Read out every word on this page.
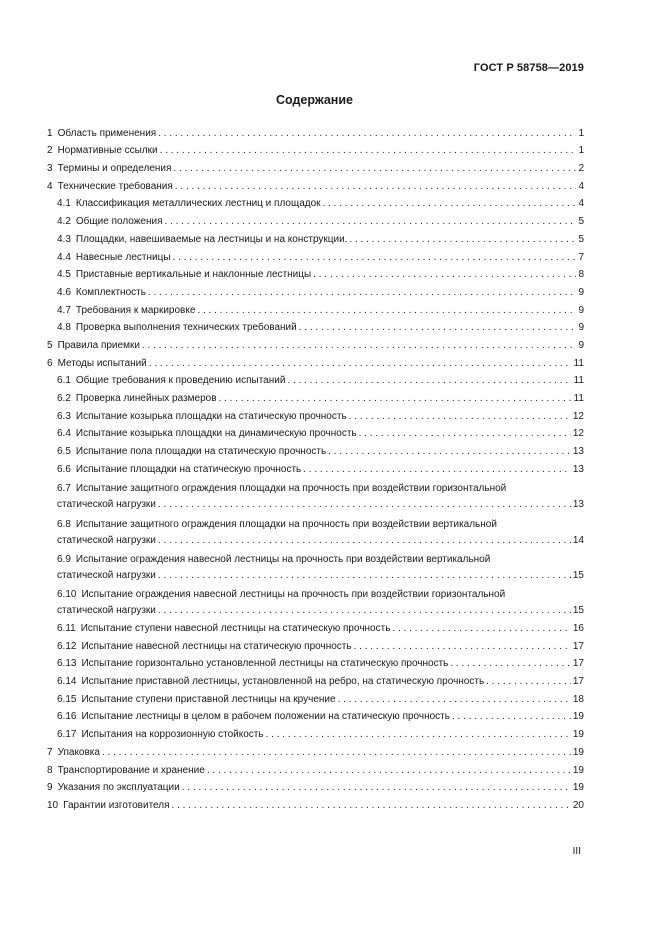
ГОСТ Р 58758—2019
Содержание
1 Область применения . . .	1
2 Нормативные ссылки . . .	1
3 Термины и определения . . .	2
4 Технические требования . . .	4
4.1 Классификация металлических лестниц и площадок . . .	4
4.2 Общие положения . . .	5
4.3 Площадки, навешиваемые на лестницы и на конструкции. . . .	5
4.4 Навесные лестницы . . .	7
4.5 Приставные вертикальные и наклонные лестницы . . .	8
4.6 Комплектность . . .	9
4.7 Требования к маркировке . . .	9
4.8 Проверка выполнения технических требований . . .	9
5 Правила приемки . . .	9
6 Методы испытаний . . .	11
6.1 Общие требования к проведению испытаний . . .	11
6.2 Проверка линейных размеров . . .	11
6.3 Испытание козырька площадки на статическую прочность . . .	12
6.4 Испытание козырька площадки на динамическую прочность . . .	12
6.5 Испытание пола площадки на статическую прочность . . .	13
6.6 Испытание площадки на статическую прочность . . .	13
6.7 Испытание защитного ограждения площадки на прочность при воздействии горизонтальной
статической нагрузки . . .	13
6.8 Испытание защитного ограждения площадки на прочность при воздействии вертикальной
статической нагрузки . . .	14
6.9 Испытание ограждения навесной лестницы на прочность при воздействии вертикальной
статической нагрузки . . .	15
6.10 Испытание ограждения навесной лестницы на прочность при воздействии горизонтальной
статической нагрузки . . .	15
6.11 Испытание ступени навесной лестницы на статическую прочность . . .	16
6.12 Испытание навесной лестницы на статическую прочность . . .	17
6.13 Испытание горизонтально установленной лестницы на статическую прочность . . .	17
6.14 Испытание приставной лестницы, установленной на ребро, на статическую прочность . . .	17
6.15 Испытание ступени приставной лестницы на кручение . . .	18
6.16 Испытание лестницы в целом в рабочем положении на статическую прочность . . .	19
6.17 Испытания на коррозионную стойкость . . .	19
7 Упаковка . . .	19
8 Транспортирование и хранение . . .	19
9 Указания по эксплуатации . . .	19
10 Гарантии изготовителя . . .	20
III
